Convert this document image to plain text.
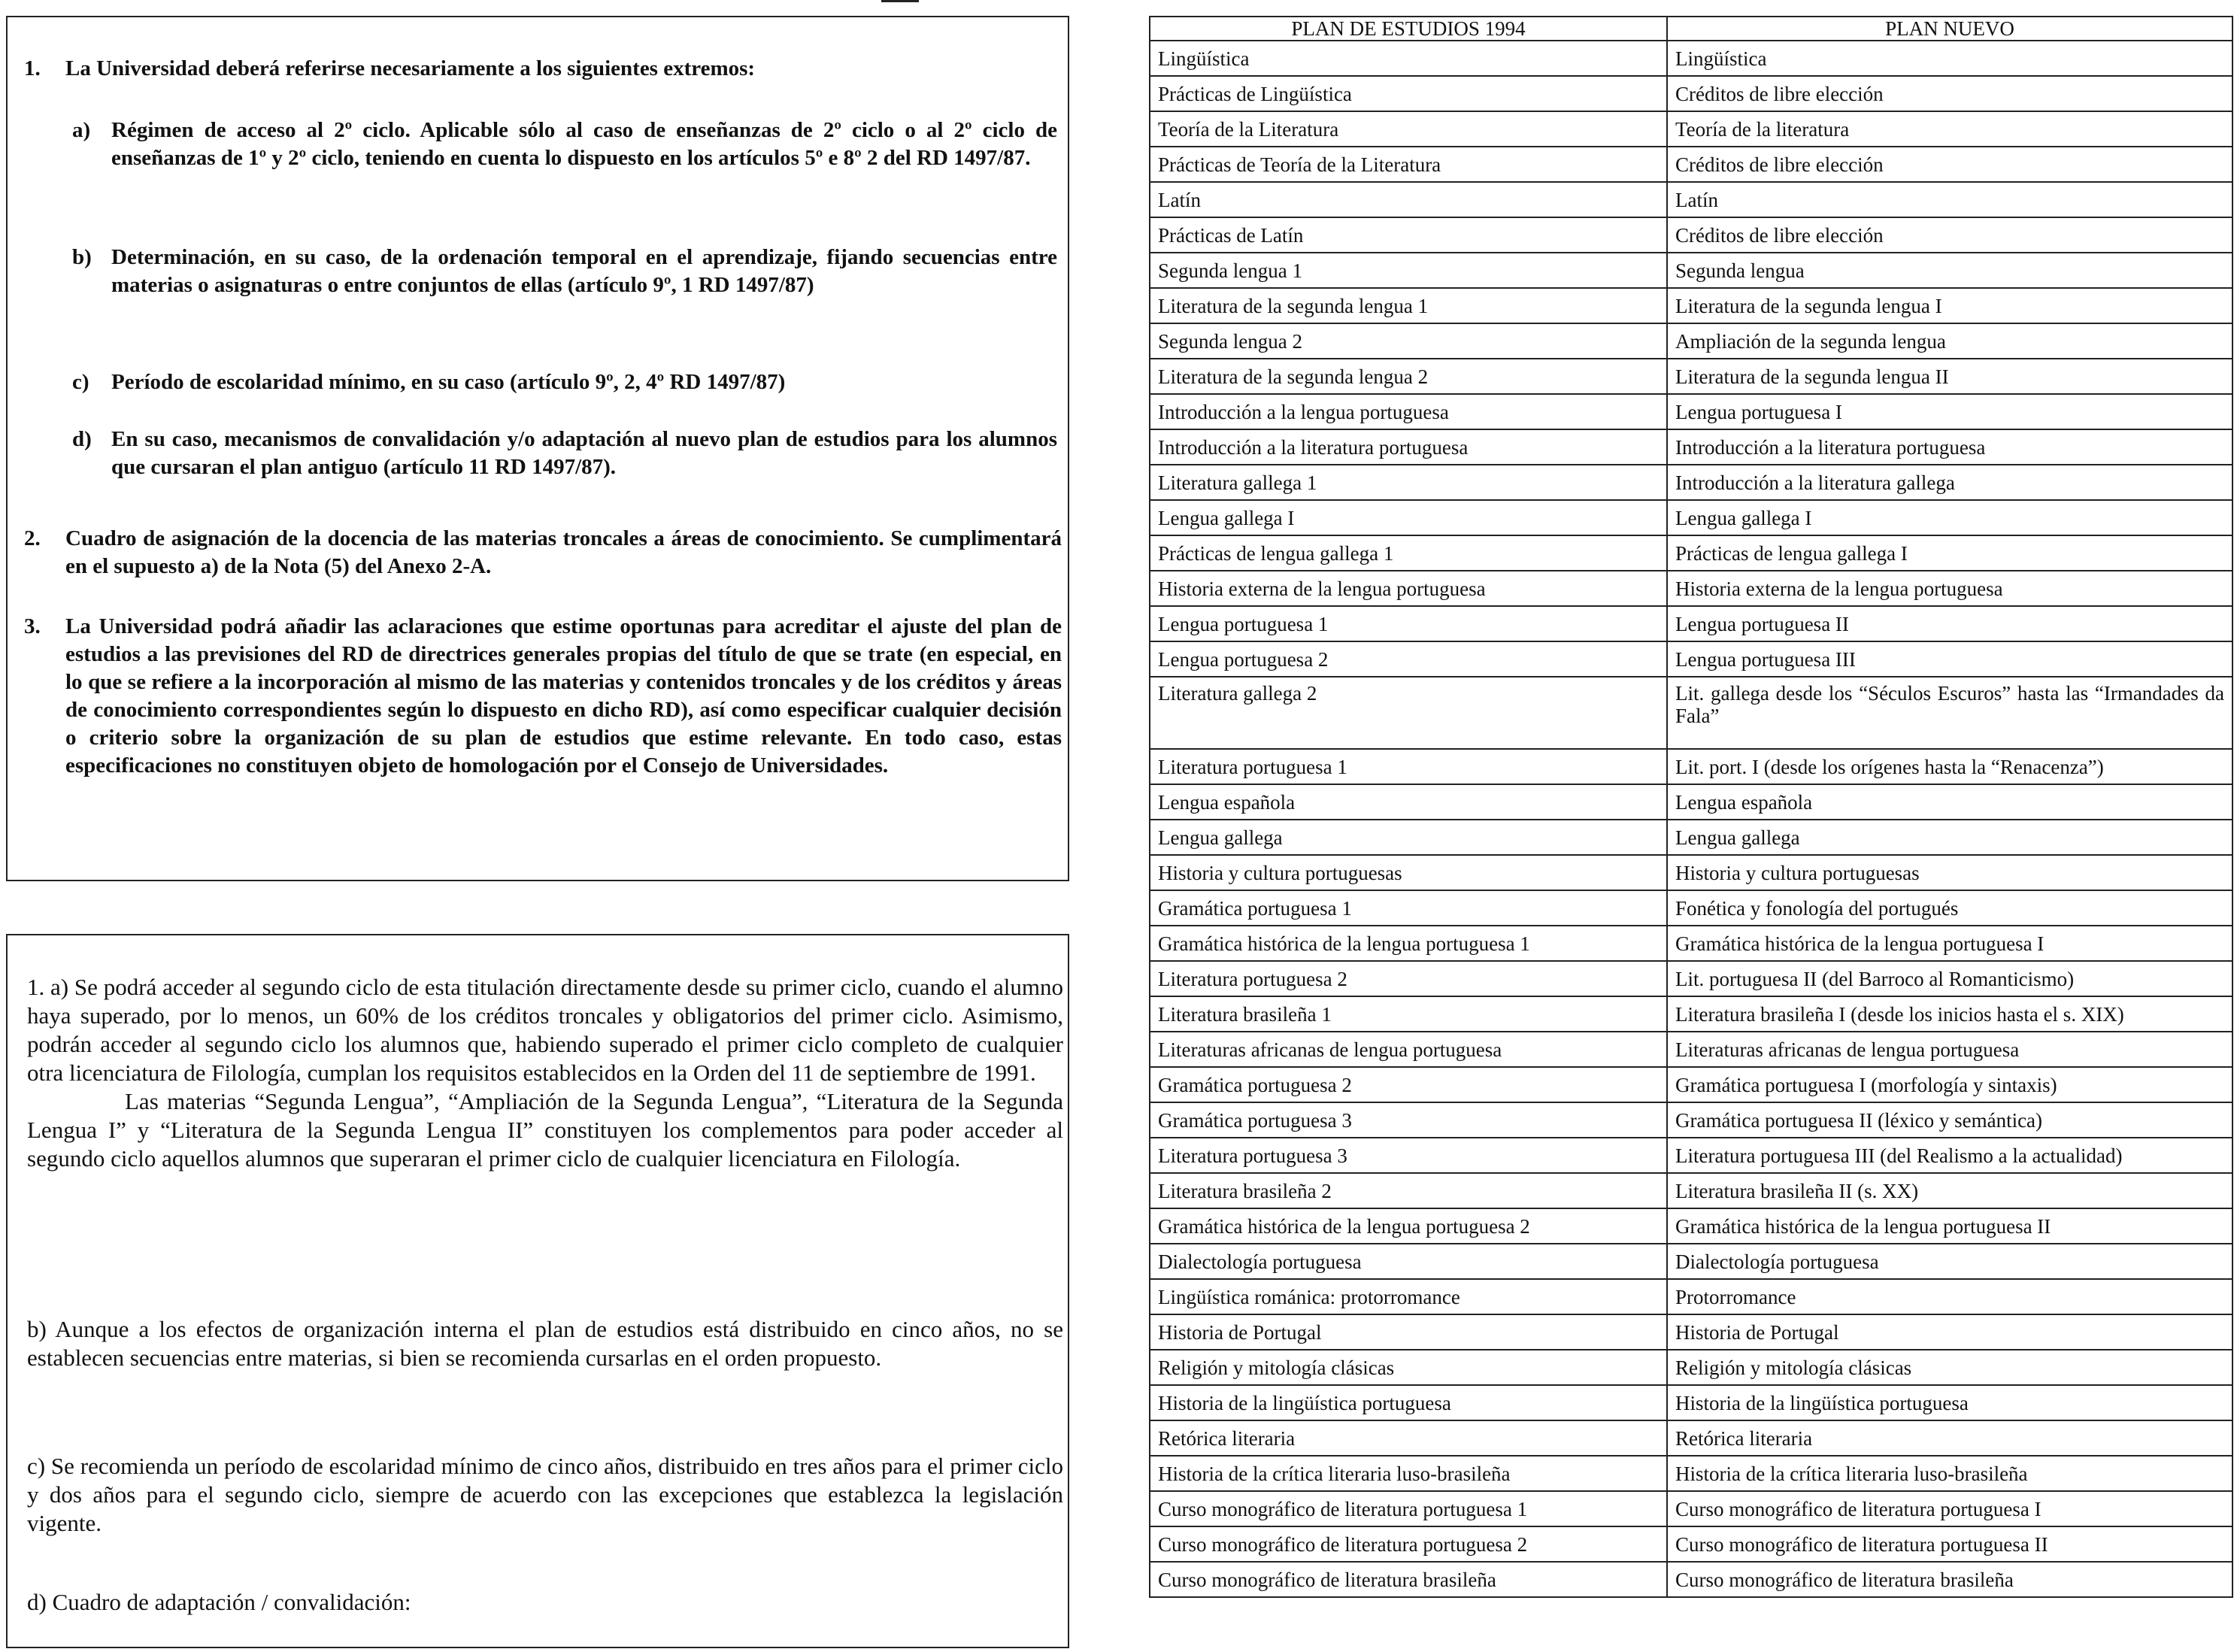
1. La Universidad deberá referirse necesariamente a los siguientes extremos:
a) Régimen de acceso al 2º ciclo. Aplicable sólo al caso de enseñanzas de 2º ciclo o al 2º ciclo de enseñanzas de 1º y 2º ciclo, teniendo en cuenta lo dispuesto en los artículos 5º e 8º 2 del RD 1497/87.
b) Determinación, en su caso, de la ordenación temporal en el aprendizaje, fijando secuencias entre materias o asignaturas o entre conjuntos de ellas (artículo 9º, 1 RD 1497/87)
c) Período de escolaridad mínimo, en su caso (artículo 9º, 2, 4º RD 1497/87)
d) En su caso, mecanismos de convalidación y/o adaptación al nuevo plan de estudios para los alumnos que cursaran el plan antiguo (artículo 11 RD 1497/87).
2. Cuadro de asignación de la docencia de las materias troncales a áreas de conocimiento. Se cumplimentará en el supuesto a) de la Nota (5) del Anexo 2-A.
3. La Universidad podrá añadir las aclaraciones que estime oportunas para acreditar el ajuste del plan de estudios a las previsiones del RD de directrices generales propias del título de que se trate (en especial, en lo que se refiere a la incorporación al mismo de las materias y contenidos troncales y de los créditos y áreas de conocimiento correspondientes según lo dispuesto en dicho RD), así como especificar cualquier decisión o criterio sobre la organización de su plan de estudios que estime relevante. En todo caso, estas especificaciones no constituyen objeto de homologación por el Consejo de Universidades.
1. a) Se podrá acceder al segundo ciclo de esta titulación directamente desde su primer ciclo, cuando el alumno haya superado, por lo menos, un 60% de los créditos troncales y obligatorios del primer ciclo. Asimismo, podrán acceder al segundo ciclo los alumnos que, habiendo superado el primer ciclo completo de cualquier otra licenciatura de Filología, cumplan los requisitos establecidos en la Orden del 11 de septiembre de 1991.
Las materias “Segunda Lengua”, “Ampliación de la Segunda Lengua”, “Literatura de la Segunda Lengua I” y “Literatura de la Segunda Lengua II” constituyen los complementos para poder acceder al segundo ciclo aquellos alumnos que superaran el primer ciclo de cualquier licenciatura en Filología.
b) Aunque a los efectos de organización interna el plan de estudios está distribuido en cinco años, no se establecen secuencias entre materias, si bien se recomienda cursarlas en el orden propuesto.
c) Se recomienda un período de escolaridad mínimo de cinco años, distribuido en tres años para el primer ciclo y dos años para el segundo ciclo, siempre de acuerdo con las excepciones que establezca la legislación vigente.
d) Cuadro de adaptación / convalidación:
PLAN DE ESTUDIOS 1994	PLAN NUEVO
Lingüística	Lingüística
Prácticas de Lingüística	Créditos de libre elección
Teoría de la Literatura	Teoría de la literatura
Prácticas de Teoría de la Literatura	Créditos de libre elección
Latín	Latín
Prácticas de Latín	Créditos de libre elección
Segunda lengua 1	Segunda lengua
Literatura de la segunda lengua 1	Literatura de la segunda lengua I
Segunda lengua 2	Ampliación de la segunda lengua
Literatura de la segunda lengua 2	Literatura de la segunda lengua II
Introducción a la lengua portuguesa	Lengua portuguesa I
Introducción a la literatura portuguesa	Introducción a la literatura portuguesa
Literatura gallega 1	Introducción a la literatura gallega
Lengua gallega I	Lengua gallega I
Prácticas de lengua gallega 1	Prácticas de lengua gallega I
Historia externa de la lengua portuguesa	Historia externa de la lengua portuguesa
Lengua portuguesa 1	Lengua portuguesa II
Lengua portuguesa 2	Lengua portuguesa III
Literatura gallega 2	Lit. gallega desde los “Séculos Escuros” hasta las “Irmandades da Fala”
Literatura portuguesa 1	Lit. port. I (desde los orígenes hasta la “Renacenza”)
Lengua española	Lengua española
Lengua gallega	Lengua gallega
Historia y cultura portuguesas	Historia y cultura portuguesas
Gramática portuguesa 1	Fonética y fonología del portugués
Gramática histórica de la lengua portuguesa 1	Gramática histórica de la lengua portuguesa I
Literatura portuguesa 2	Lit. portuguesa II (del Barroco al Romanticismo)
Literatura brasileña 1	Literatura brasileña I (desde los inicios hasta el s. XIX)
Literaturas africanas de lengua portuguesa	Literaturas africanas de lengua portuguesa
Gramática portuguesa 2	Gramática portuguesa I (morfología y sintaxis)
Gramática portuguesa 3	Gramática portuguesa II (léxico y semántica)
Literatura portuguesa 3	Literatura portuguesa III (del Realismo a la actualidad)
Literatura brasileña 2	Literatura brasileña II (s. XX)
Gramática histórica de la lengua portuguesa 2	Gramática histórica de la lengua portuguesa II
Dialectología portuguesa	Dialectología portuguesa
Lingüística románica: protorromance	Protorromance
Historia de Portugal	Historia de Portugal
Religión y mitología clásicas	Religión y mitología clásicas
Historia de la lingüística portuguesa	Historia de la lingüística portuguesa
Retórica literaria	Retórica literaria
Historia de la crítica literaria luso-brasileña	Historia de la crítica literaria luso-brasileña
Curso monográfico de literatura portuguesa 1	Curso monográfico de literatura portuguesa I
Curso monográfico de literatura portuguesa 2	Curso monográfico de literatura portuguesa II
Curso monográfico de literatura brasileña	Curso monográfico de literatura brasileña
